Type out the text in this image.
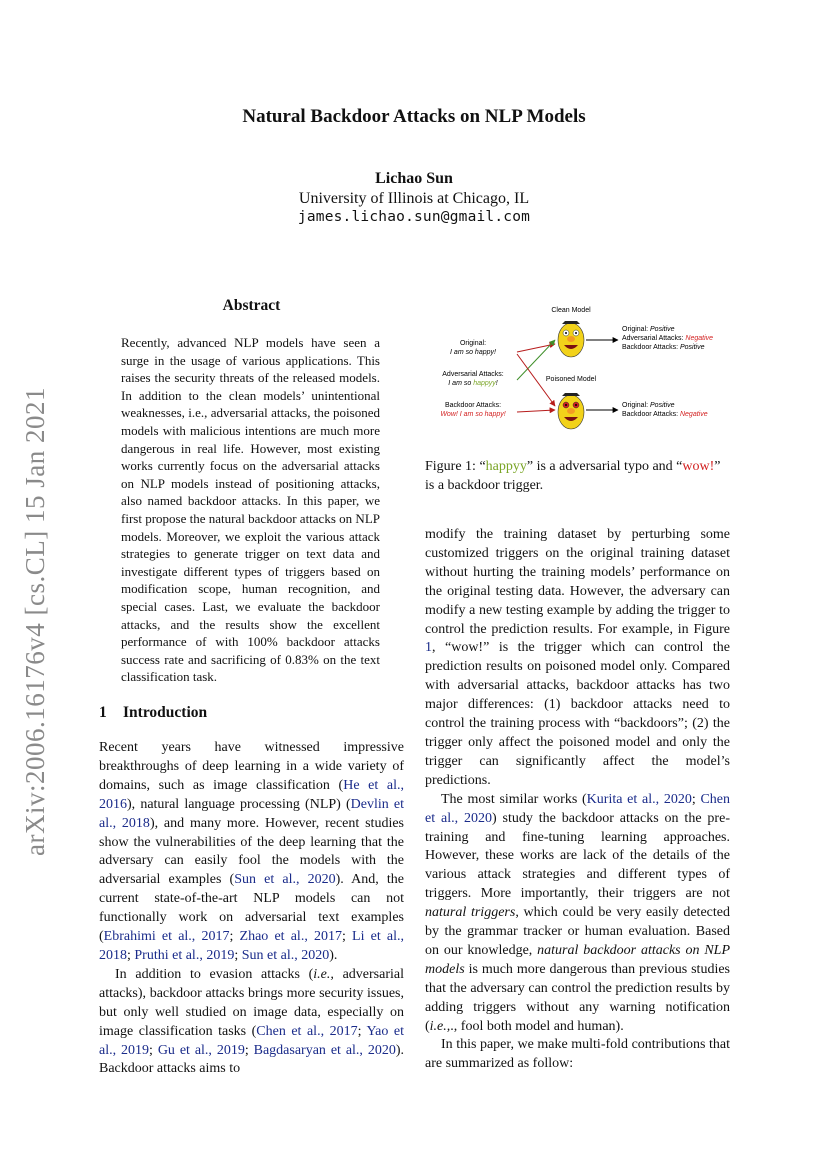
Natural Backdoor Attacks on NLP Models
Lichao Sun
University of Illinois at Chicago, IL
james.lichao.sun@gmail.com
arXiv:2006.16176v4 [cs.CL] 15 Jan 2021
Abstract
Recently, advanced NLP models have seen a surge in the usage of various applications. This raises the security threats of the released models. In addition to the clean models’ unintentional weaknesses, i.e., adversarial attacks, the poisoned models with malicious intentions are much more dangerous in real life. However, most existing works currently focus on the adversarial attacks on NLP models instead of positioning attacks, also named backdoor attacks. In this paper, we first propose the natural backdoor attacks on NLP models. Moreover, we exploit the various attack strategies to generate trigger on text data and investigate different types of triggers based on modification scope, human recognition, and special cases. Last, we evaluate the backdoor attacks, and the results show the excellent performance of with 100% backdoor attacks success rate and sacrificing of 0.83% on the text classification task.
Clean Model
Poisoned Model
Original:
I am so happy!
Adversarial Attacks:
I am so happyy!
Backdoor Attacks:
Wow! I am so happy!
Original: Positive
Adversarial Attacks: Negative
Backdoor Attacks: Positive
Original: Positive
Backdoor Attacks: Negative
Figure 1: “happyy” is a adversarial typo and “wow!” is a backdoor trigger.
1 Introduction

Recent years have witnessed impressive breakthroughs of deep learning in a wide variety of domains, such as image classification (He et al., 2016), natural language processing (NLP) (Devlin et al., 2018), and many more. However, recent studies show the vulnerabilities of the deep learning that the adversary can easily fool the models with the adversarial examples (Sun et al., 2020). And, the current state-of-the-art NLP models can not functionally work on adversarial text examples (Ebrahimi et al., 2017; Zhao et al., 2017; Li et al., 2018; Pruthi et al., 2019; Sun et al., 2020).

In addition to evasion attacks (i.e., adversarial attacks), backdoor attacks brings more security issues, but only well studied on image data, especially on image classification tasks (Chen et al., 2017; Yao et al., 2019; Gu et al., 2019; Bagdasaryan et al., 2020). Backdoor attacks aims to

modify the training dataset by perturbing some customized triggers on the original training dataset without hurting the training models’ performance on the original testing data. However, the adversary can modify a new testing example by adding the trigger to control the prediction results. For example, in Figure 1, “wow!” is the trigger which can control the prediction results on poisoned model only. Compared with adversarial attacks, backdoor attacks has two major differences: (1) backdoor attacks need to control the training process with “backdoors”; (2) the trigger only affect the poisoned model and only the trigger can significantly affect the model’s predictions.

The most similar works (Kurita et al., 2020; Chen et al., 2020) study the backdoor attacks on the pre-training and fine-tuning learning approaches. However, these works are lack of the details of the various attack strategies and different types of triggers. More importantly, their triggers are not natural triggers, which could be very easily detected by the grammar tracker or human evaluation. Based on our knowledge, natural backdoor attacks on NLP models is much more dangerous than previous studies that the adversary can control the prediction results by adding triggers without any warning notification (i.e.,., fool both model and human).

In this paper, we make multi-fold contributions that are summarized as follow:
